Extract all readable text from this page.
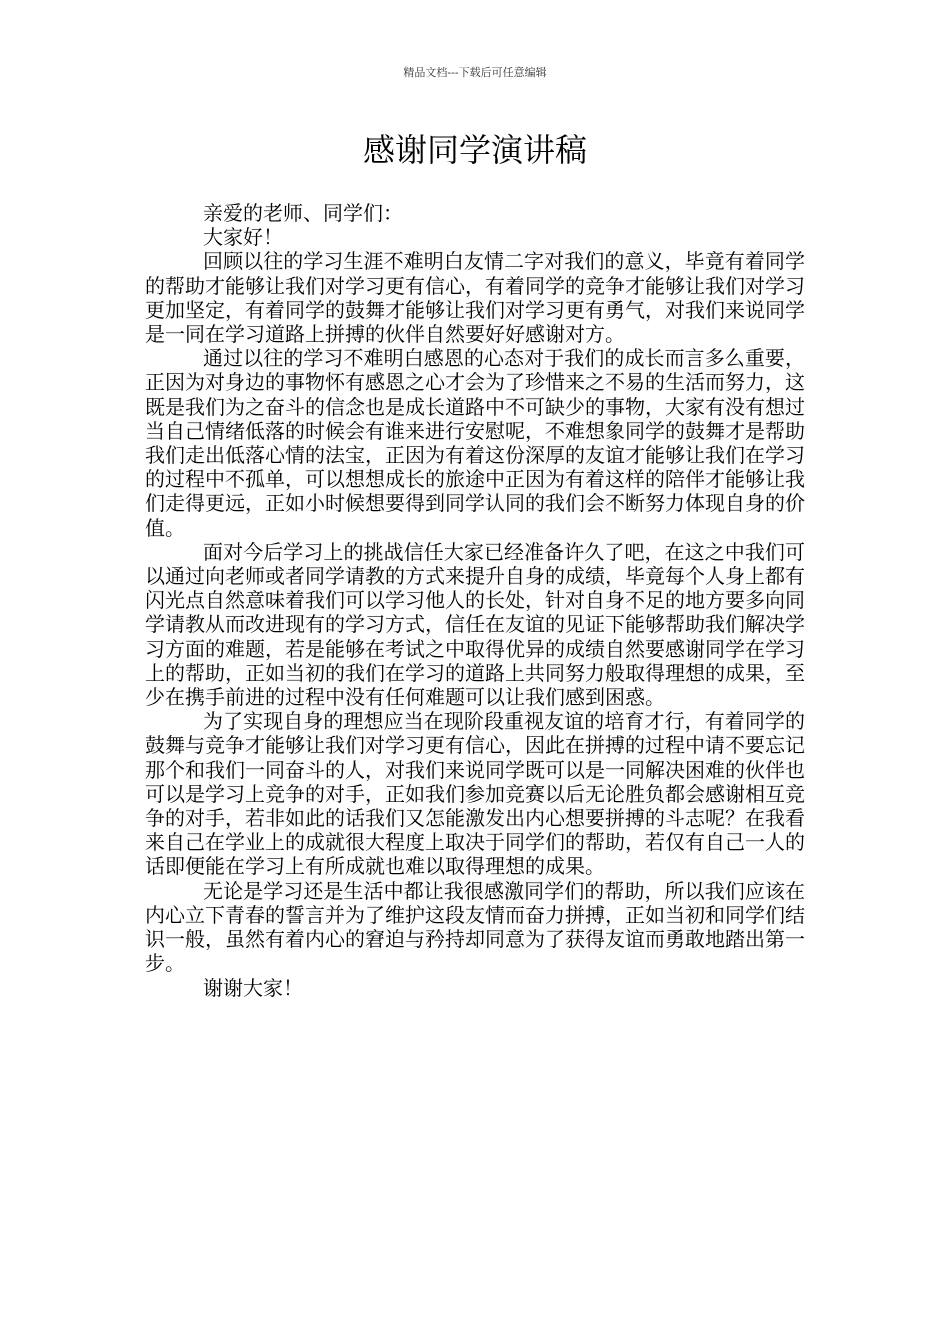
精品文档---下载后可任意编辑
感谢同学演讲稿

亲爱的老师、同学们：

大家好！

回顾以往的学习生涯不难明白友情二字对我们的意义，毕竟有着同学的帮助才能够让我们对学习更有信心，有着同学的竞争才能够让我们对学习更加坚定，有着同学的鼓舞才能够让我们对学习更有勇气，对我们来说同学是一同在学习道路上拼搏的伙伴自然要好好感谢对方。

通过以往的学习不难明白感恩的心态对于我们的成长而言多么重要，正因为对身边的事物怀有感恩之心才会为了珍惜来之不易的生活而努力，这既是我们为之奋斗的信念也是成长道路中不可缺少的事物，大家有没有想过当自己情绪低落的时候会有谁来进行安慰呢，不难想象同学的鼓舞才是帮助我们走出低落心情的法宝，正因为有着这份深厚的友谊才能够让我们在学习的过程中不孤单，可以想想成长的旅途中正因为有着这样的陪伴才能够让我们走得更远，正如小时候想要得到同学认同的我们会不断努力体现自身的价值。

面对今后学习上的挑战信任大家已经准备许久了吧，在这之中我们可以通过向老师或者同学请教的方式来提升自身的成绩，毕竟每个人身上都有闪光点自然意味着我们可以学习他人的长处，针对自身不足的地方要多向同学请教从而改进现有的学习方式，信任在友谊的见证下能够帮助我们解决学习方面的难题，若是能够在考试之中取得优异的成绩自然要感谢同学在学习上的帮助，正如当初的我们在学习的道路上共同努力般取得理想的成果，至少在携手前进的过程中没有任何难题可以让我们感到困惑。

为了实现自身的理想应当在现阶段重视友谊的培育才行，有着同学的鼓舞与竞争才能够让我们对学习更有信心，因此在拼搏的过程中请不要忘记那个和我们一同奋斗的人，对我们来说同学既可以是一同解决困难的伙伴也可以是学习上竞争的对手，正如我们参加竞赛以后无论胜负都会感谢相互竞争的对手，若非如此的话我们又怎能激发出内心想要拼搏的斗志呢？在我看来自己在学业上的成就很大程度上取决于同学们的帮助，若仅有自己一人的话即便能在学习上有所成就也难以取得理想的成果。

无论是学习还是生活中都让我很感激同学们的帮助，所以我们应该在内心立下青春的誓言并为了维护这段友情而奋力拼搏，正如当初和同学们结识一般，虽然有着内心的窘迫与矜持却同意为了获得友谊而勇敢地踏出第一步。

谢谢大家！
